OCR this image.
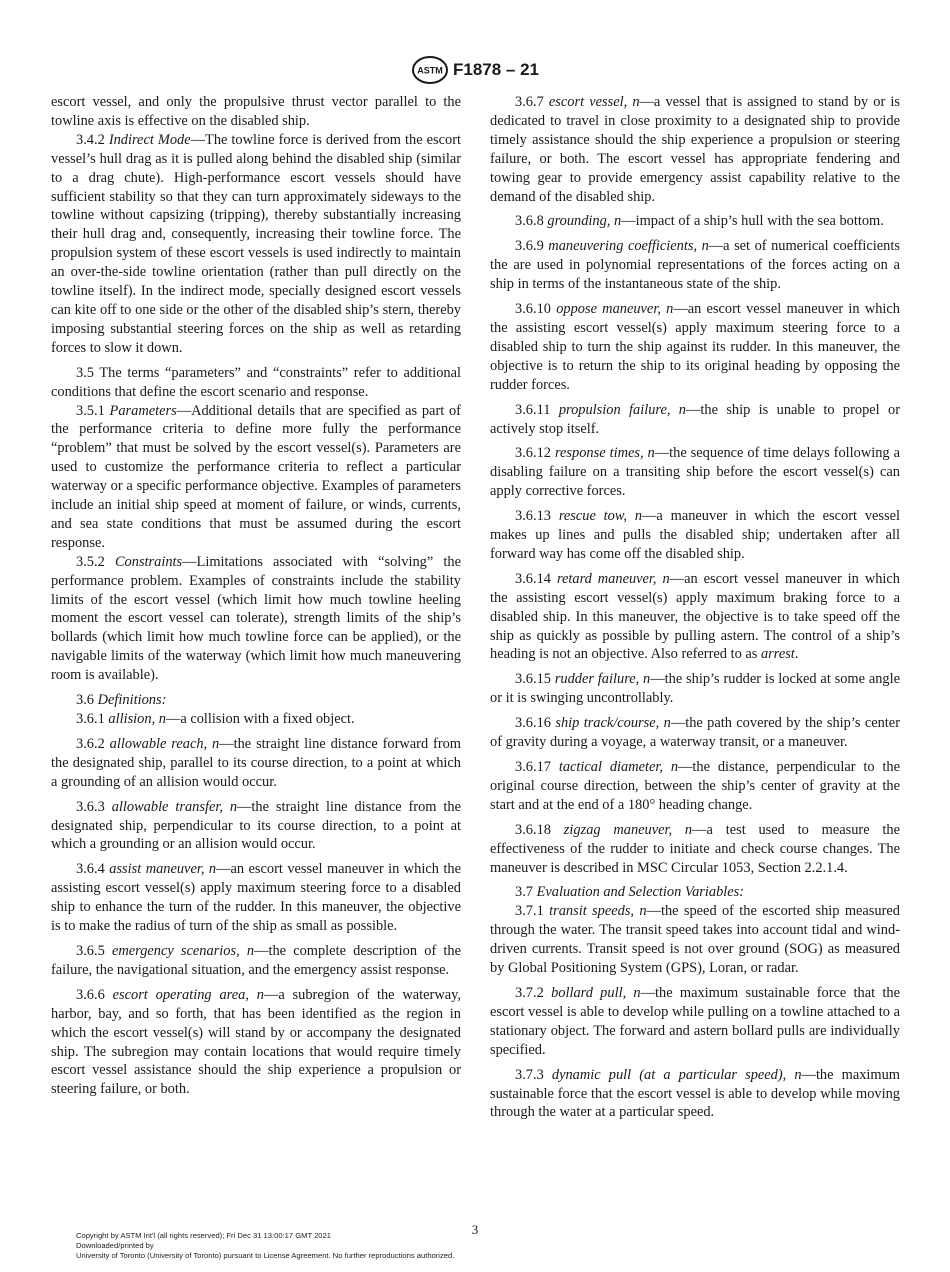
ASTM F1878 – 21

escort vessel, and only the propulsive thrust vector parallel to the towline axis is effective on the disabled ship.

3.4.2 Indirect Mode—The towline force is derived from the escort vessel’s hull drag as it is pulled along behind the disabled ship (similar to a drag chute). High-performance escort vessels should have sufficient stability so that they can turn approximately sideways to the towline without capsizing (tripping), thereby substantially increasing their hull drag and, consequently, increasing their towline force. The propulsion system of these escort vessels is used indirectly to maintain an over-the-side towline orientation (rather than pull directly on the towline itself). In the indirect mode, specially designed escort vessels can kite off to one side or the other of the disabled ship’s stern, thereby imposing substantial steering forces on the ship as well as retarding forces to slow it down.

3.5 The terms “parameters” and “constraints” refer to additional conditions that define the escort scenario and response.

3.5.1 Parameters—Additional details that are specified as part of the performance criteria to define more fully the performance “problem” that must be solved by the escort vessel(s). Parameters are used to customize the performance criteria to reflect a particular waterway or a specific performance objective. Examples of parameters include an initial ship speed at moment of failure, or winds, currents, and sea state conditions that must be assumed during the escort response.

3.5.2 Constraints—Limitations associated with “solving” the performance problem. Examples of constraints include the stability limits of the escort vessel (which limit how much towline heeling moment the escort vessel can tolerate), strength limits of the ship’s bollards (which limit how much towline force can be applied), or the navigable limits of the waterway (which limit how much maneuvering room is available).

3.6 Definitions:

3.6.1 allision, n—a collision with a fixed object.

3.6.2 allowable reach, n—the straight line distance forward from the designated ship, parallel to its course direction, to a point at which a grounding of an allision would occur.

3.6.3 allowable transfer, n—the straight line distance from the designated ship, perpendicular to its course direction, to a point at which a grounding or an allision would occur.

3.6.4 assist maneuver, n—an escort vessel maneuver in which the assisting escort vessel(s) apply maximum steering force to a disabled ship to enhance the turn of the rudder. In this maneuver, the objective is to make the radius of turn of the ship as small as possible.

3.6.5 emergency scenarios, n—the complete description of the failure, the navigational situation, and the emergency assist response.

3.6.6 escort operating area, n—a subregion of the waterway, harbor, bay, and so forth, that has been identified as the region in which the escort vessel(s) will stand by or accompany the designated ship. The subregion may contain locations that would require timely escort vessel assistance should the ship experience a propulsion or steering failure, or both.

3.6.7 escort vessel, n—a vessel that is assigned to stand by or is dedicated to travel in close proximity to a designated ship to provide timely assistance should the ship experience a propulsion or steering failure, or both. The escort vessel has appropriate fendering and towing gear to provide emergency assist capability relative to the demand of the disabled ship.

3.6.8 grounding, n—impact of a ship’s hull with the sea bottom.

3.6.9 maneuvering coefficients, n—a set of numerical coefficients the are used in polynomial representations of the forces acting on a ship in terms of the instantaneous state of the ship.

3.6.10 oppose maneuver, n—an escort vessel maneuver in which the assisting escort vessel(s) apply maximum steering force to a disabled ship to turn the ship against its rudder. In this maneuver, the objective is to return the ship to its original heading by opposing the rudder forces.

3.6.11 propulsion failure, n—the ship is unable to propel or actively stop itself.

3.6.12 response times, n—the sequence of time delays following a disabling failure on a transiting ship before the escort vessel(s) can apply corrective forces.

3.6.13 rescue tow, n—a maneuver in which the escort vessel makes up lines and pulls the disabled ship; undertaken after all forward way has come off the disabled ship.

3.6.14 retard maneuver, n—an escort vessel maneuver in which the assisting escort vessel(s) apply maximum braking force to a disabled ship. In this maneuver, the objective is to take speed off the ship as quickly as possible by pulling astern. The control of a ship’s heading is not an objective. Also referred to as arrest.

3.6.15 rudder failure, n—the ship’s rudder is locked at some angle or it is swinging uncontrollably.

3.6.16 ship track/course, n—the path covered by the ship’s center of gravity during a voyage, a waterway transit, or a maneuver.

3.6.17 tactical diameter, n—the distance, perpendicular to the original course direction, between the ship’s center of gravity at the start and at the end of a 180° heading change.

3.6.18 zigzag maneuver, n—a test used to measure the effectiveness of the rudder to initiate and check course changes. The maneuver is described in MSC Circular 1053, Section 2.2.1.4.

3.7 Evaluation and Selection Variables:

3.7.1 transit speeds, n—the speed of the escorted ship measured through the water. The transit speed takes into account tidal and wind-driven currents. Transit speed is not over ground (SOG) as measured by Global Positioning System (GPS), Loran, or radar.

3.7.2 bollard pull, n—the maximum sustainable force that the escort vessel is able to develop while pulling on a towline attached to a stationary object. The forward and astern bollard pulls are individually specified.

3.7.3 dynamic pull (at a particular speed), n—the maximum sustainable force that the escort vessel is able to develop while moving through the water at a particular speed.

3
Copyright by ASTM Int'l (all rights reserved); Fri Dec 31 13:00:17 GMT 2021
Downloaded/printed by
University of Toronto (University of Toronto) pursuant to License Agreement. No further reproductions authorized.
